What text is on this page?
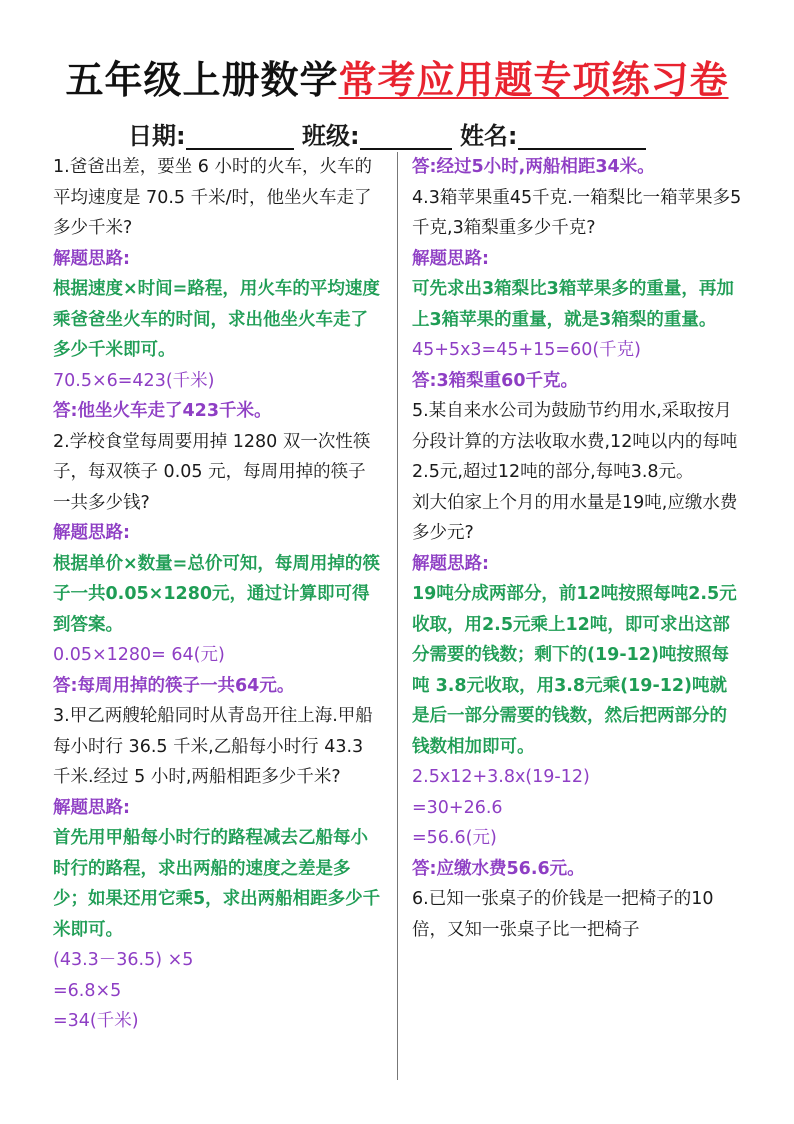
五年级上册数学常考应用题专项练习卷
日期:	班级:	姓名:

1.爸爸出差，要坐 6 小时的火车，火车的平均速度是 70.5 千米/时，他坐火车走了多少千米?

解题思路:

根据速度×时间=路程，用火车的平均速度乘爸爸坐火车的时间，求出他坐火车走了多少千米即可。

70.5×6=423(千米)

答:他坐火车走了423千米。

2.学校食堂每周要用掉 1280 双一次性筷子，每双筷子 0.05 元，每周用掉的筷子一共多少钱?

解题思路:

根据单价×数量=总价可知，每周用掉的筷子一共0.05×1280元，通过计算即可得到答案。

0.05×1280= 64(元)

答:每周用掉的筷子一共64元。

3.甲乙两艘轮船同时从青岛开往上海.甲船每小时行 36.5 千米,乙船每小时行 43.3 千米.经过 5 小时,两船相距多少千米?

解题思路:

首先用甲船每小时行的路程减去乙船每小时行的路程，求出两船的速度之差是多少；如果还用它乘5，求出两船相距多少千米即可。

(43.3－36.5) ×5

=6.8×5

=34(千米)

答:经过5小时,两船相距34米。

4.3箱苹果重45千克.一箱梨比一箱苹果多5千克,3箱梨重多少千克?

解题思路:

可先求出3箱梨比3箱苹果多的重量，再加上3箱苹果的重量，就是3箱梨的重量。

45+5x3=45+15=60(千克)

答:3箱梨重60千克。

5.某自来水公司为鼓励节约用水,采取按月分段计算的方法收取水费,12吨以内的每吨2.5元,超过12吨的部分,每吨3.8元。

刘大伯家上个月的用水量是19吨,应缴水费多少元?

解题思路:

19吨分成两部分，前12吨按照每吨2.5元收取，用2.5元乘上12吨，即可求出这部分需要的钱数；剩下的(19-12)吨按照每吨 3.8元收取，用3.8元乘(19-12)吨就是后一部分需要的钱数，然后把两部分的钱数相加即可。

2.5x12+3.8x(19-12)

=30+26.6

=56.6(元)

答:应缴水费56.6元。

6.已知一张桌子的价钱是一把椅子的10倍，又知一张桌子比一把椅子
